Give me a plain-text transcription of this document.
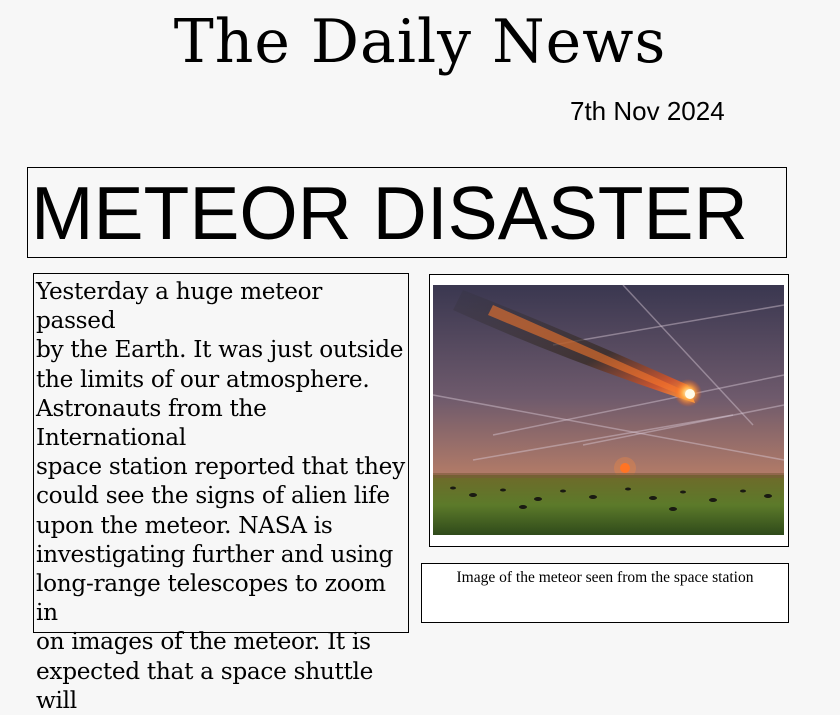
The Daily News
7th Nov 2024
METEOR DISASTER
Yesterday a huge meteor passed
by the Earth. It was just outside
the limits of our atmosphere.
Astronauts from the International
space station reported that they
could see the signs of alien life
upon the meteor. NASA is
investigating further and using
long-range telescopes to zoom in
on images of the meteor. It is
expected that a space shuttle will
Image of the meteor seen from the space station
